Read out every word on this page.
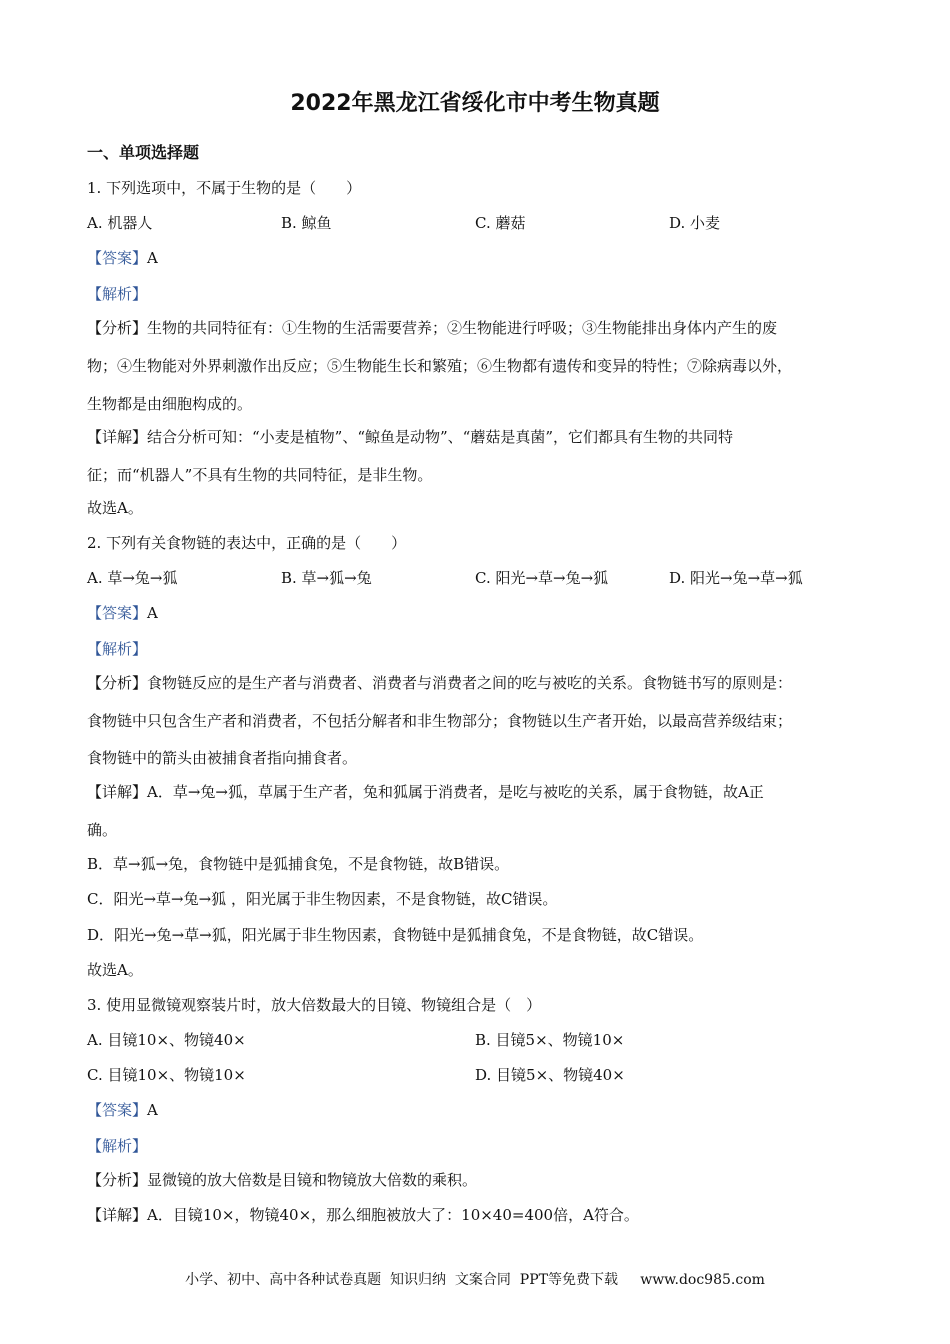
2022年黑龙江省绥化市中考生物真题
一、单项选择题
1. 下列选项中，不属于生物的是（　　）
A. 机器人	B. 鲸鱼	C. 蘑菇	D. 小麦
【答案】A
【解析】
【分析】生物的共同特征有：①生物的生活需要营养；②生物能进行呼吸；③生物能排出身体内产生的废
物；④生物能对外界刺激作出反应；⑤生物能生长和繁殖；⑥生物都有遗传和变异的特性；⑦除病毒以外，
生物都是由细胞构成的。
【详解】结合分析可知：“小麦是植物”、“鲸鱼是动物”、“蘑菇是真菌”，它们都具有生物的共同特
征；而“机器人”不具有生物的共同特征，是非生物。
故选A。
2. 下列有关食物链的表达中，正确的是（　　）
A. 草→兔→狐	B. 草→狐→兔	C. 阳光→草→兔→狐	D. 阳光→兔→草→狐
【答案】A
【解析】
【分析】食物链反应的是生产者与消费者、消费者与消费者之间的吃与被吃的关系。食物链书写的原则是：
食物链中只包含生产者和消费者，不包括分解者和非生物部分；食物链以生产者开始，以最高营养级结束；
食物链中的箭头由被捕食者指向捕食者。
【详解】A．草→兔→狐，草属于生产者，兔和狐属于消费者，是吃与被吃的关系，属于食物链，故A正
确。
B．草→狐→兔，食物链中是狐捕食兔，不是食物链，故B错误。
C．阳光→草→兔→狐 ，阳光属于非生物因素，不是食物链，故C错误。
D．阳光→兔→草→狐，阳光属于非生物因素，食物链中是狐捕食兔，不是食物链，故C错误。
故选A。
3. 使用显微镜观察装片时，放大倍数最大的目镜、物镜组合是（　）
A. 目镜10×、物镜40×	B. 目镜5×、物镜10×
C. 目镜10×、物镜10×	D. 目镜5×、物镜40×
【答案】A
【解析】
【分析】显微镜的放大倍数是目镜和物镜放大倍数的乘积。
【详解】A．目镜10×，物镜40×，那么细胞被放大了：10×40=400倍，A符合。
小学、初中、高中各种试卷真题  知识归纳  文案合同  PPT等免费下载     www.doc985.com
